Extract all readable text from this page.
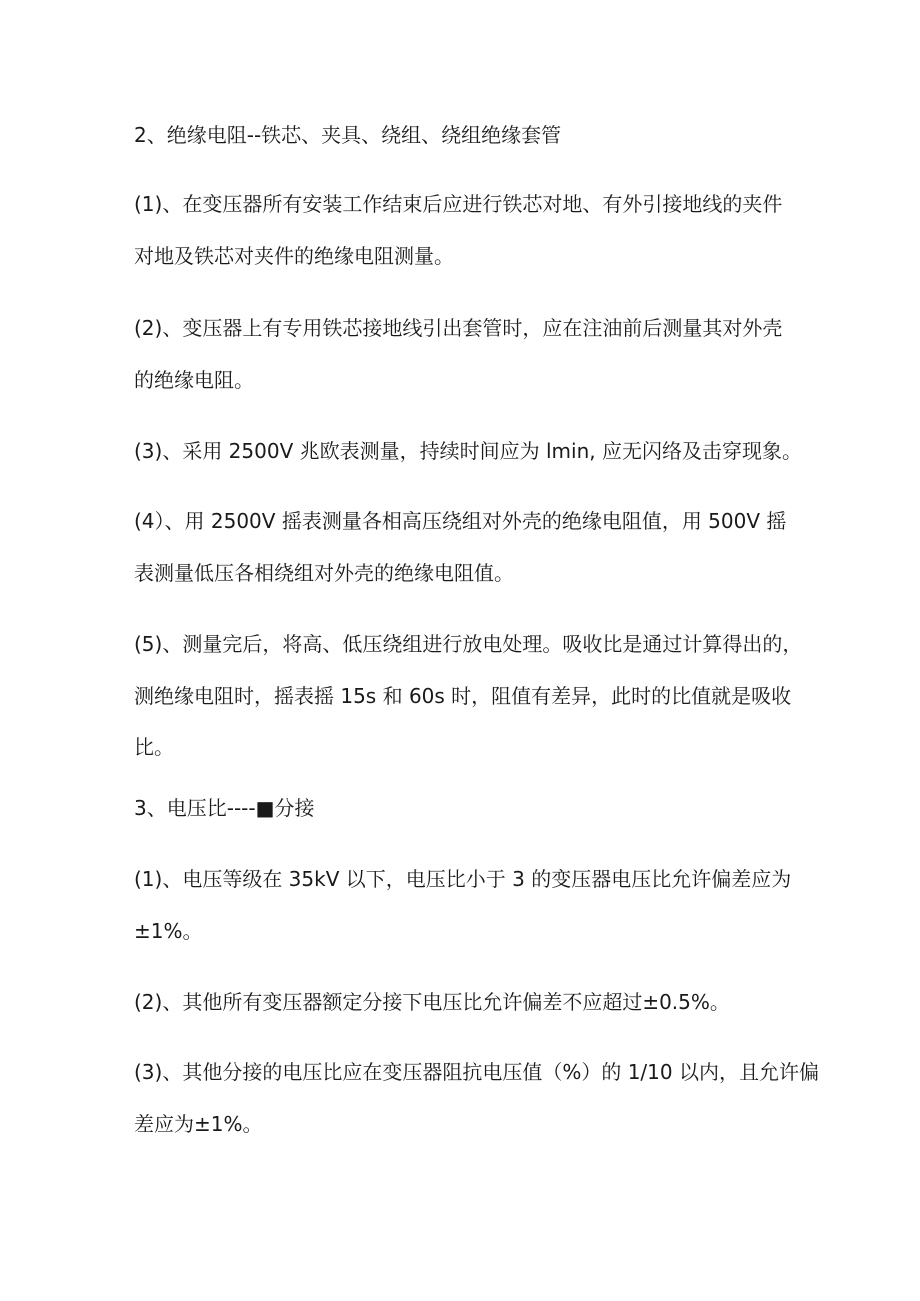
2、绝缘电阻--铁芯、夹具、绕组、绕组绝缘套管
(1)、在变压器所有安装工作结束后应进行铁芯对地、有外引接地线的夹件
对地及铁芯对夹件的绝缘电阻测量。
(2)、变压器上有专用铁芯接地线引出套管时，应在注油前后测量其对外壳
的绝缘电阻。
(3)、采用 2500V 兆欧表测量，持续时间应为 lmin, 应无闪络及击穿现象。
(4）、用 2500V 摇表测量各相高压绕组对外壳的绝缘电阻值，用 500V 摇
表测量低压各相绕组对外壳的绝缘电阻值。
(5)、测量完后，将高、低压绕组进行放电处理。吸收比是通过计算得出的，
测绝缘电阻时，摇表摇 15s 和 60s 时，阻值有差异，此时的比值就是吸收
比。
3、电压比----■分接
(1)、电压等级在 35kV 以下，电压比小于 3 的变压器电压比允许偏差应为
±1%。
(2)、其他所有变压器额定分接下电压比允许偏差不应超过±0.5%。
(3)、其他分接的电压比应在变压器阻抗电压值（%）的 1/10 以内，且允许偏
差应为±1%。
